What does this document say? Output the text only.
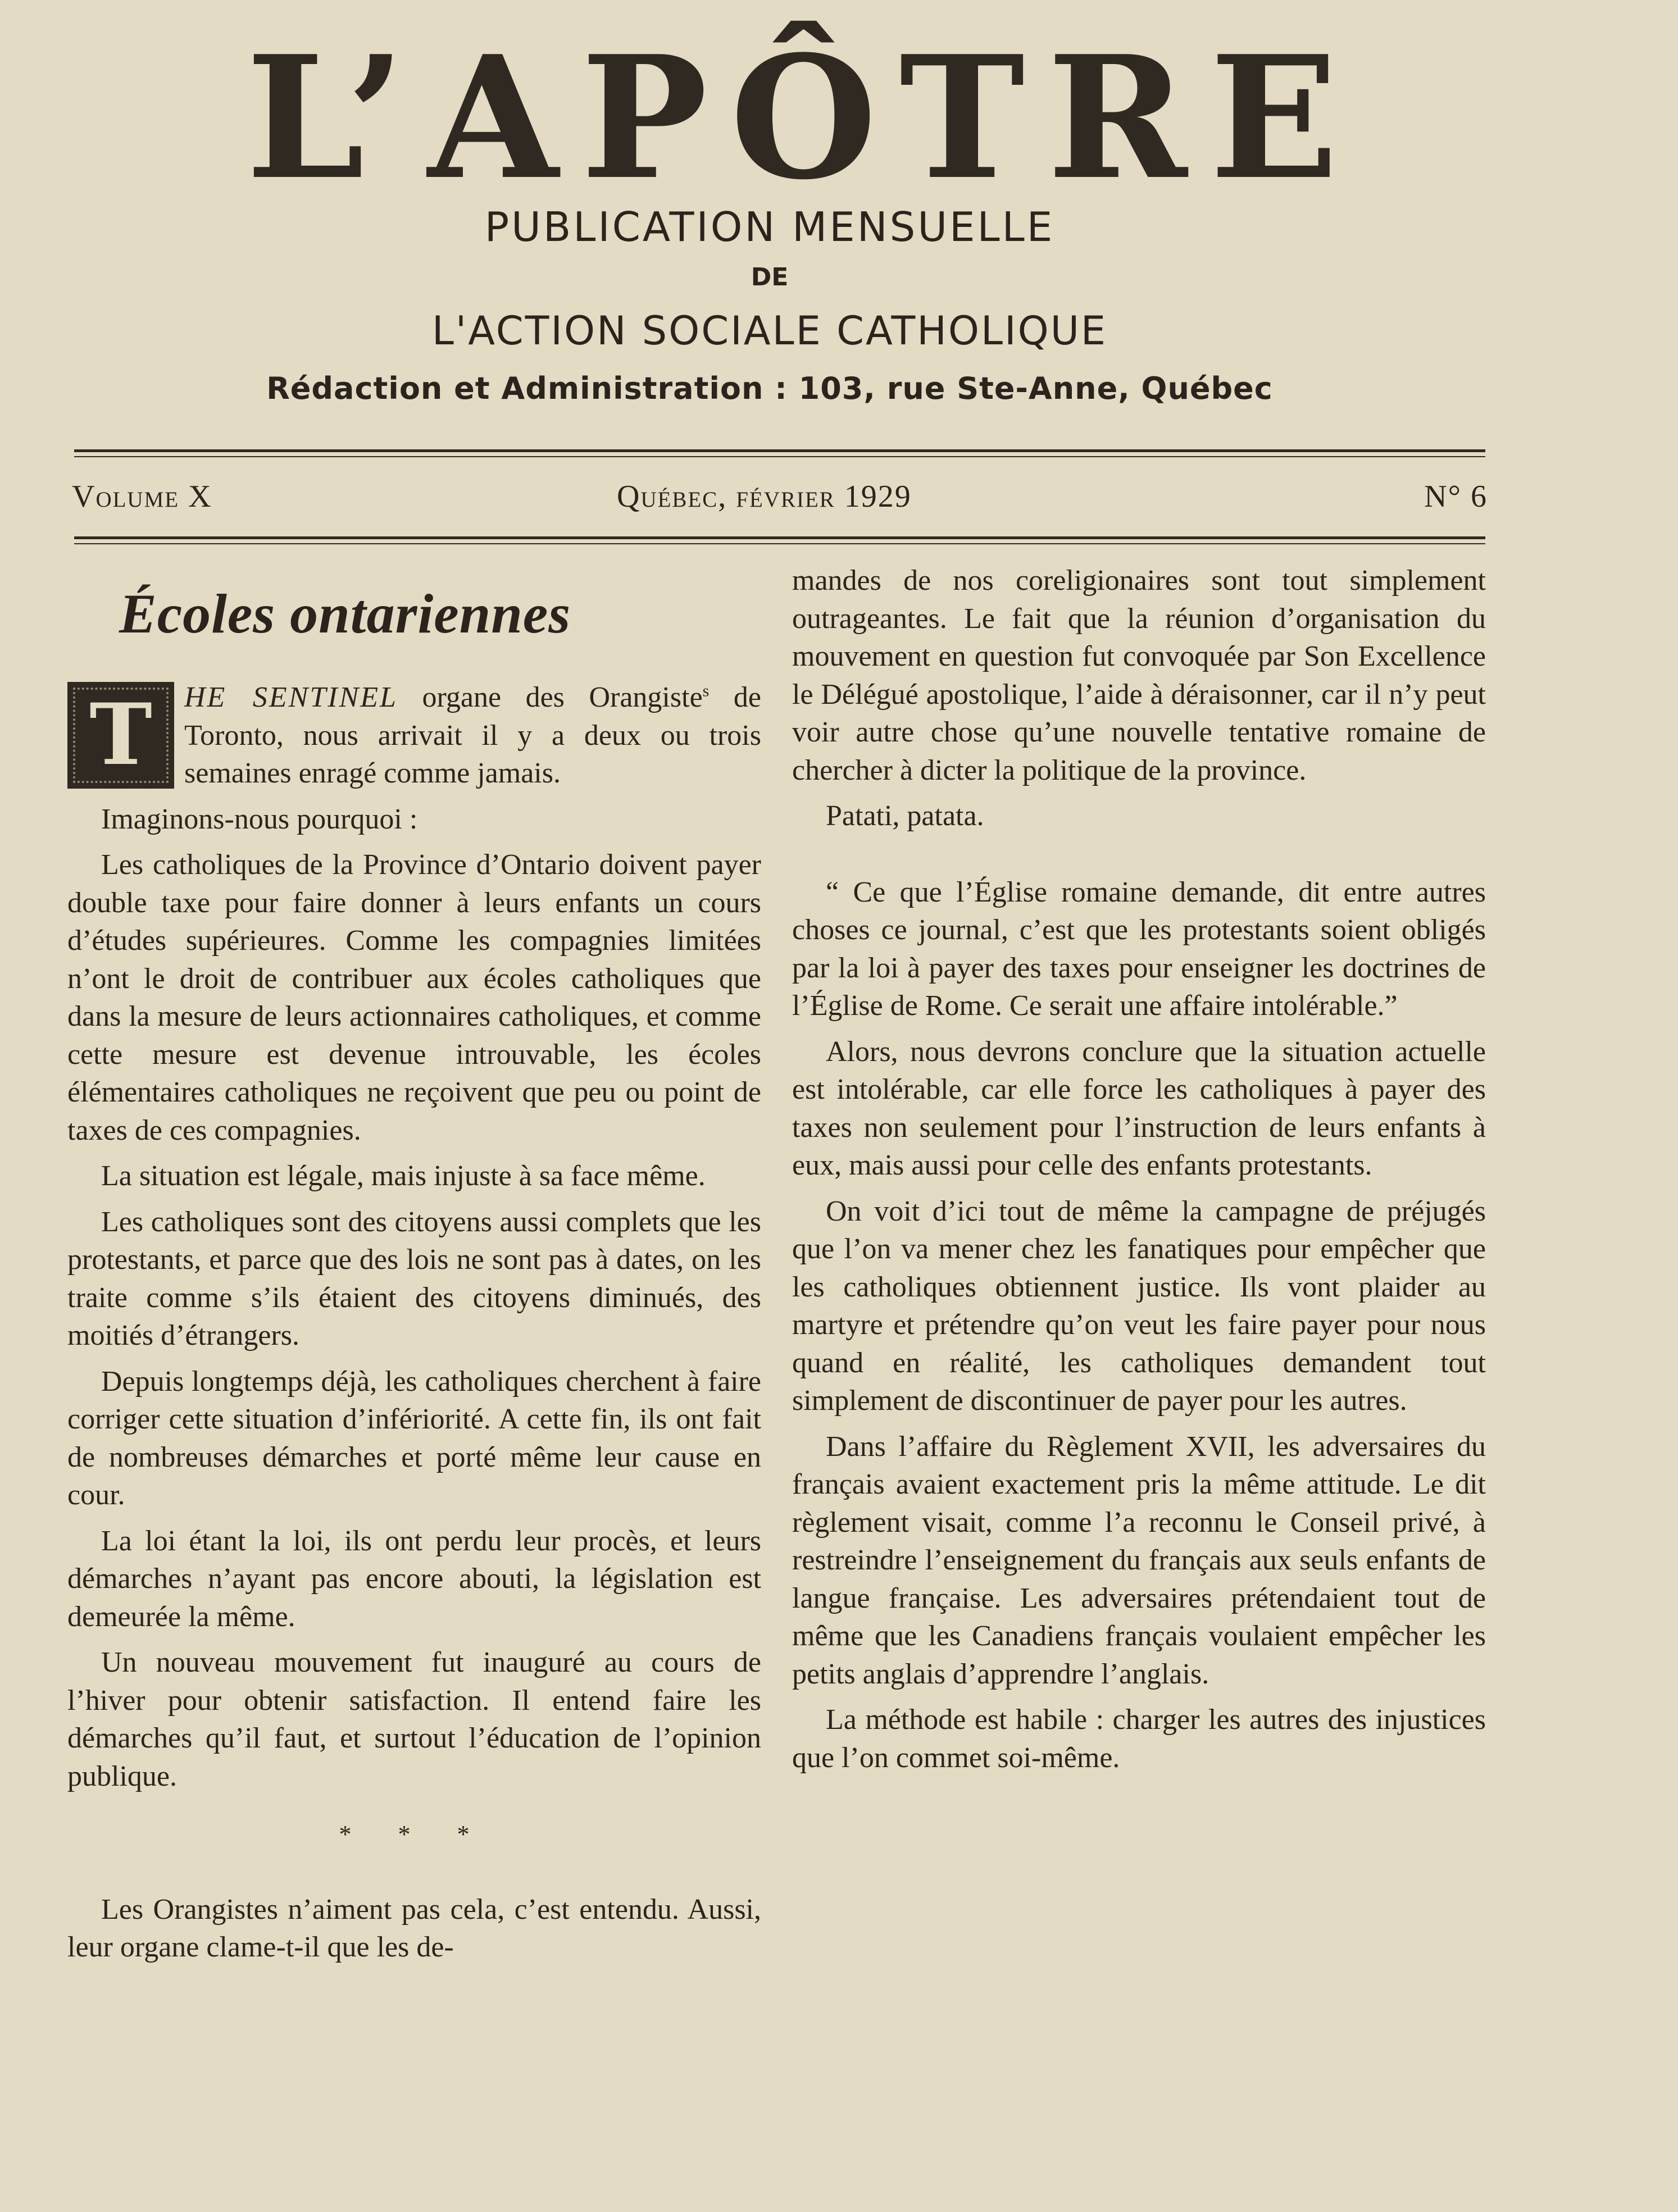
L’APÔTRE
PUBLICATION MENSUELLE
DE
L'ACTION SOCIALE CATHOLIQUE
Rédaction et Administration : 103, rue Ste-Anne, Québec
Volume X	Québec, février 1929	N° 6
Écoles ontariennes

T	HE SENTINEL organe des Orangiste$^s$ de Toronto, nous arrivait il y a deux ou trois semaines enragé comme jamais.

Imaginons-nous pourquoi :

Les catholiques de la Province d’Ontario doivent payer double taxe pour faire donner à leurs enfants un cours d’études supérieures. Comme les compagnies limitées n’ont le droit de contribuer aux écoles catholiques que dans la mesure de leurs actionnaires catholiques, et comme cette mesure est devenue introuvable, les écoles élémentaires catholiques ne reçoivent que peu ou point de taxes de ces compagnies.

La situation est légale, mais injuste à sa face même.

Les catholiques sont des citoyens aussi complets que les protestants, et parce que des lois ne sont pas à dates, on les traite comme s’ils étaient des citoyens diminués, des moitiés d’étrangers.

Depuis longtemps déjà, les catholiques cherchent à faire corriger cette situation d’infériorité. A cette fin, ils ont fait de nombreuses démarches et porté même leur cause en cour.

La loi étant la loi, ils ont perdu leur procès, et leurs démarches n’ayant pas encore abouti, la législation est demeurée la même.

Un nouveau mouvement fut inauguré au cours de l’hiver pour obtenir satisfaction. Il entend faire les démarches qu’il faut, et surtout l’éducation de l’opinion publique.

* * *

Les Orangistes n’aiment pas cela, c’est entendu. Aussi, leur organe clame-t-il que les de-

mandes de nos coreligionaires sont tout simplement outrageantes. Le fait que la réunion d’organisation du mouvement en question fut convoquée par Son Excellence le Délégué apostolique, l’aide à déraisonner, car il n’y peut voir autre chose qu’une nouvelle tentative romaine de chercher à dicter la politique de la province.

Patati, patata.

“ Ce que l’Église romaine demande, dit entre autres choses ce journal, c’est que les protestants soient obligés par la loi à payer des taxes pour enseigner les doctrines de l’Église de Rome. Ce serait une affaire intolérable.”

Alors, nous devrons conclure que la situation actuelle est intolérable, car elle force les catholiques à payer des taxes non seulement pour l’instruction de leurs enfants à eux, mais aussi pour celle des enfants protestants.

On voit d’ici tout de même la campagne de préjugés que l’on va mener chez les fanatiques pour empêcher que les catholiques obtiennent justice. Ils vont plaider au martyre et prétendre qu’on veut les faire payer pour nous quand en réalité, les catholiques demandent tout simplement de discontinuer de payer pour les autres.

Dans l’affaire du Règlement XVII, les adversaires du français avaient exactement pris la même attitude. Le dit règlement visait, comme l’a reconnu le Conseil privé, à restreindre l’enseignement du français aux seuls enfants de langue française. Les adversaires prétendaient tout de même que les Canadiens français voulaient empêcher les petits anglais d’apprendre l’anglais.

La méthode est habile : charger les autres des injustices que l’on commet soi-même.
